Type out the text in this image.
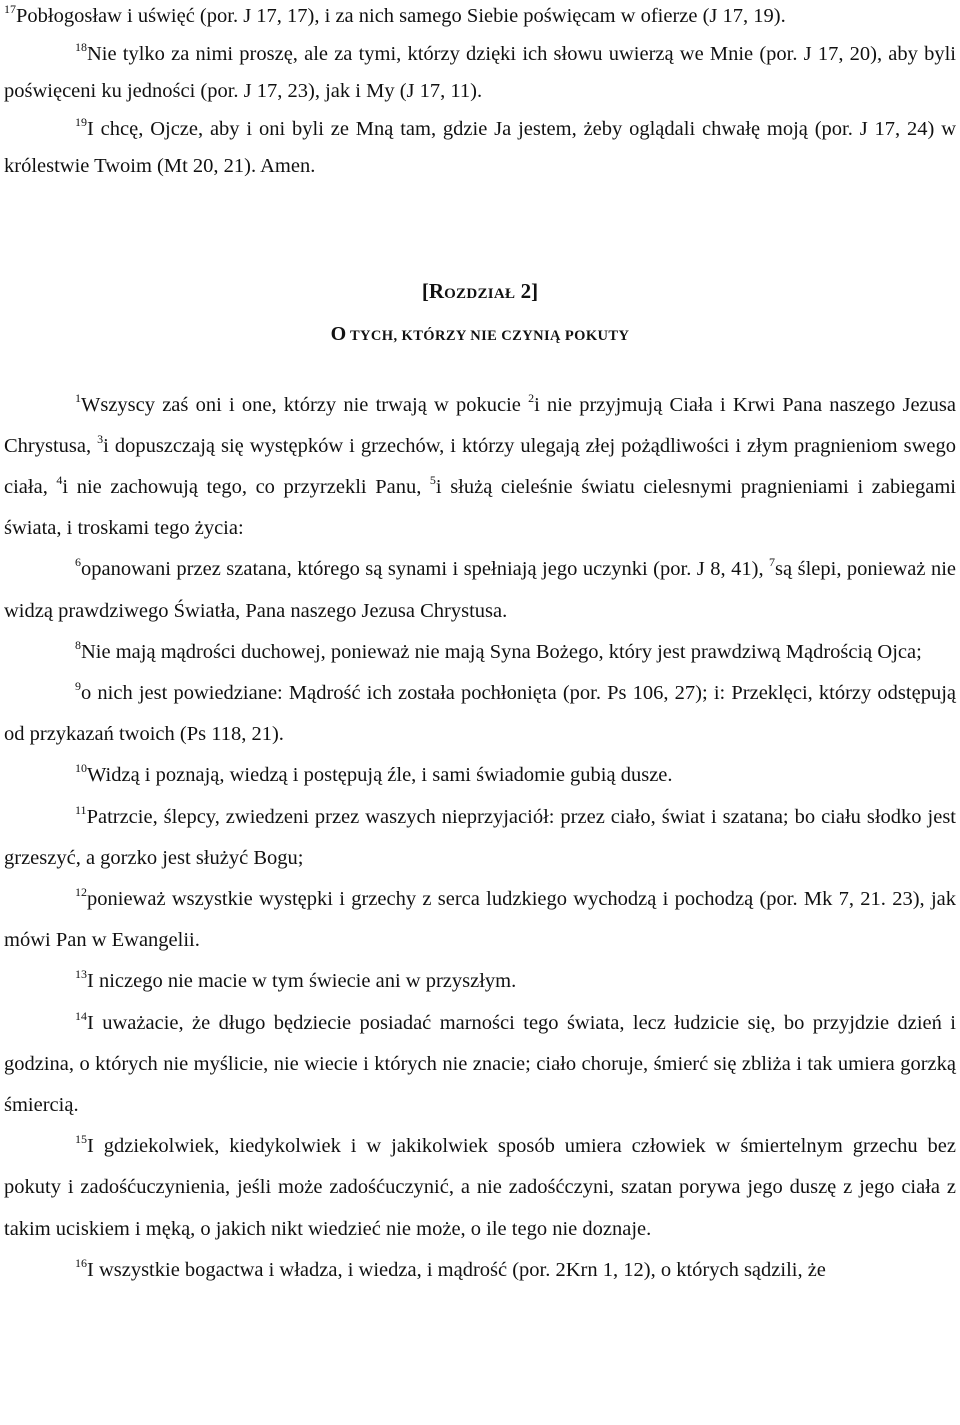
$^{17}$Pobłogosław i uświęć (por. J 17, 17), i za nich samego Siebie poświęcam w ofierze (J 17, 19).

$^{18}$Nie tylko za nimi proszę, ale za tymi, którzy dzięki ich słowu uwierzą we Mnie (por. J 17, 20), aby byli poświęceni ku jedności (por. J 17, 23), jak i My (J 17, 11).

$^{19}$I chcę, Ojcze, aby i oni byli ze Mną tam, gdzie Ja jestem, żeby oglądali chwałę moją (por. J 17, 24) w królestwie Twoim (Mt 20, 21). Amen.

[ROZDZIAŁ 2]

O TYCH, KTÓRZY NIE CZYNIĄ POKUTY

$^1$Wszyscy zaś oni i one, którzy nie trwają w pokucie $^2$i nie przyjmują Ciała i Krwi Pana naszego Jezusa Chrystusa, $^3$i dopuszczają się występków i grzechów, i którzy ulegają złej pożądliwości i złym pragnieniom swego ciała, $^4$i nie zachowują tego, co przyrzekli Panu, $^5$i służą cieleśnie światu cielesnymi pragnieniami i zabiegami świata, i troskami tego życia:

$^6$opanowani przez szatana, którego są synami i spełniają jego uczynki (por. J 8, 41), $^7$są ślepi, ponieważ nie widzą prawdziwego Światła, Pana naszego Jezusa Chrystusa.

$^8$Nie mają mądrości duchowej, ponieważ nie mają Syna Bożego, który jest prawdziwą Mądrością Ojca;

$^9$o nich jest powiedziane: Mądrość ich została pochłonięta (por. Ps 106, 27); i: Przeklęci, którzy odstępują od przykazań twoich (Ps 118, 21).

$^{10}$Widzą i poznają, wiedzą i postępują źle, i sami świadomie gubią dusze.

$^{11}$Patrzcie, ślepcy, zwiedzeni przez waszych nieprzyjaciół: przez ciało, świat i szatana; bo ciału słodko jest grzeszyć, a gorzko jest służyć Bogu;

$^{12}$ponieważ wszystkie występki i grzechy z serca ludzkiego wychodzą i pochodzą (por. Mk 7, 21. 23), jak mówi Pan w Ewangelii.

$^{13}$I niczego nie macie w tym świecie ani w przyszłym.

$^{14}$I uważacie, że długo będziecie posiadać marności tego świata, lecz łudzicie się, bo przyjdzie dzień i godzina, o których nie myślicie, nie wiecie i których nie znacie; ciało choruje, śmierć się zbliża i tak umiera gorzką śmiercią.

$^{15}$I gdziekolwiek, kiedykolwiek i w jakikolwiek sposób umiera człowiek w śmiertelnym grzechu bez pokuty i zadośćuczynienia, jeśli może zadośćuczynić, a nie zadośćczyni, szatan porywa jego duszę z jego ciała z takim uciskiem i męką, o jakich nikt wiedzieć nie może, o ile tego nie doznaje.

$^{16}$I wszystkie bogactwa i władza, i wiedza, i mądrość (por. 2Krn 1, 12), o których sądzili, że
